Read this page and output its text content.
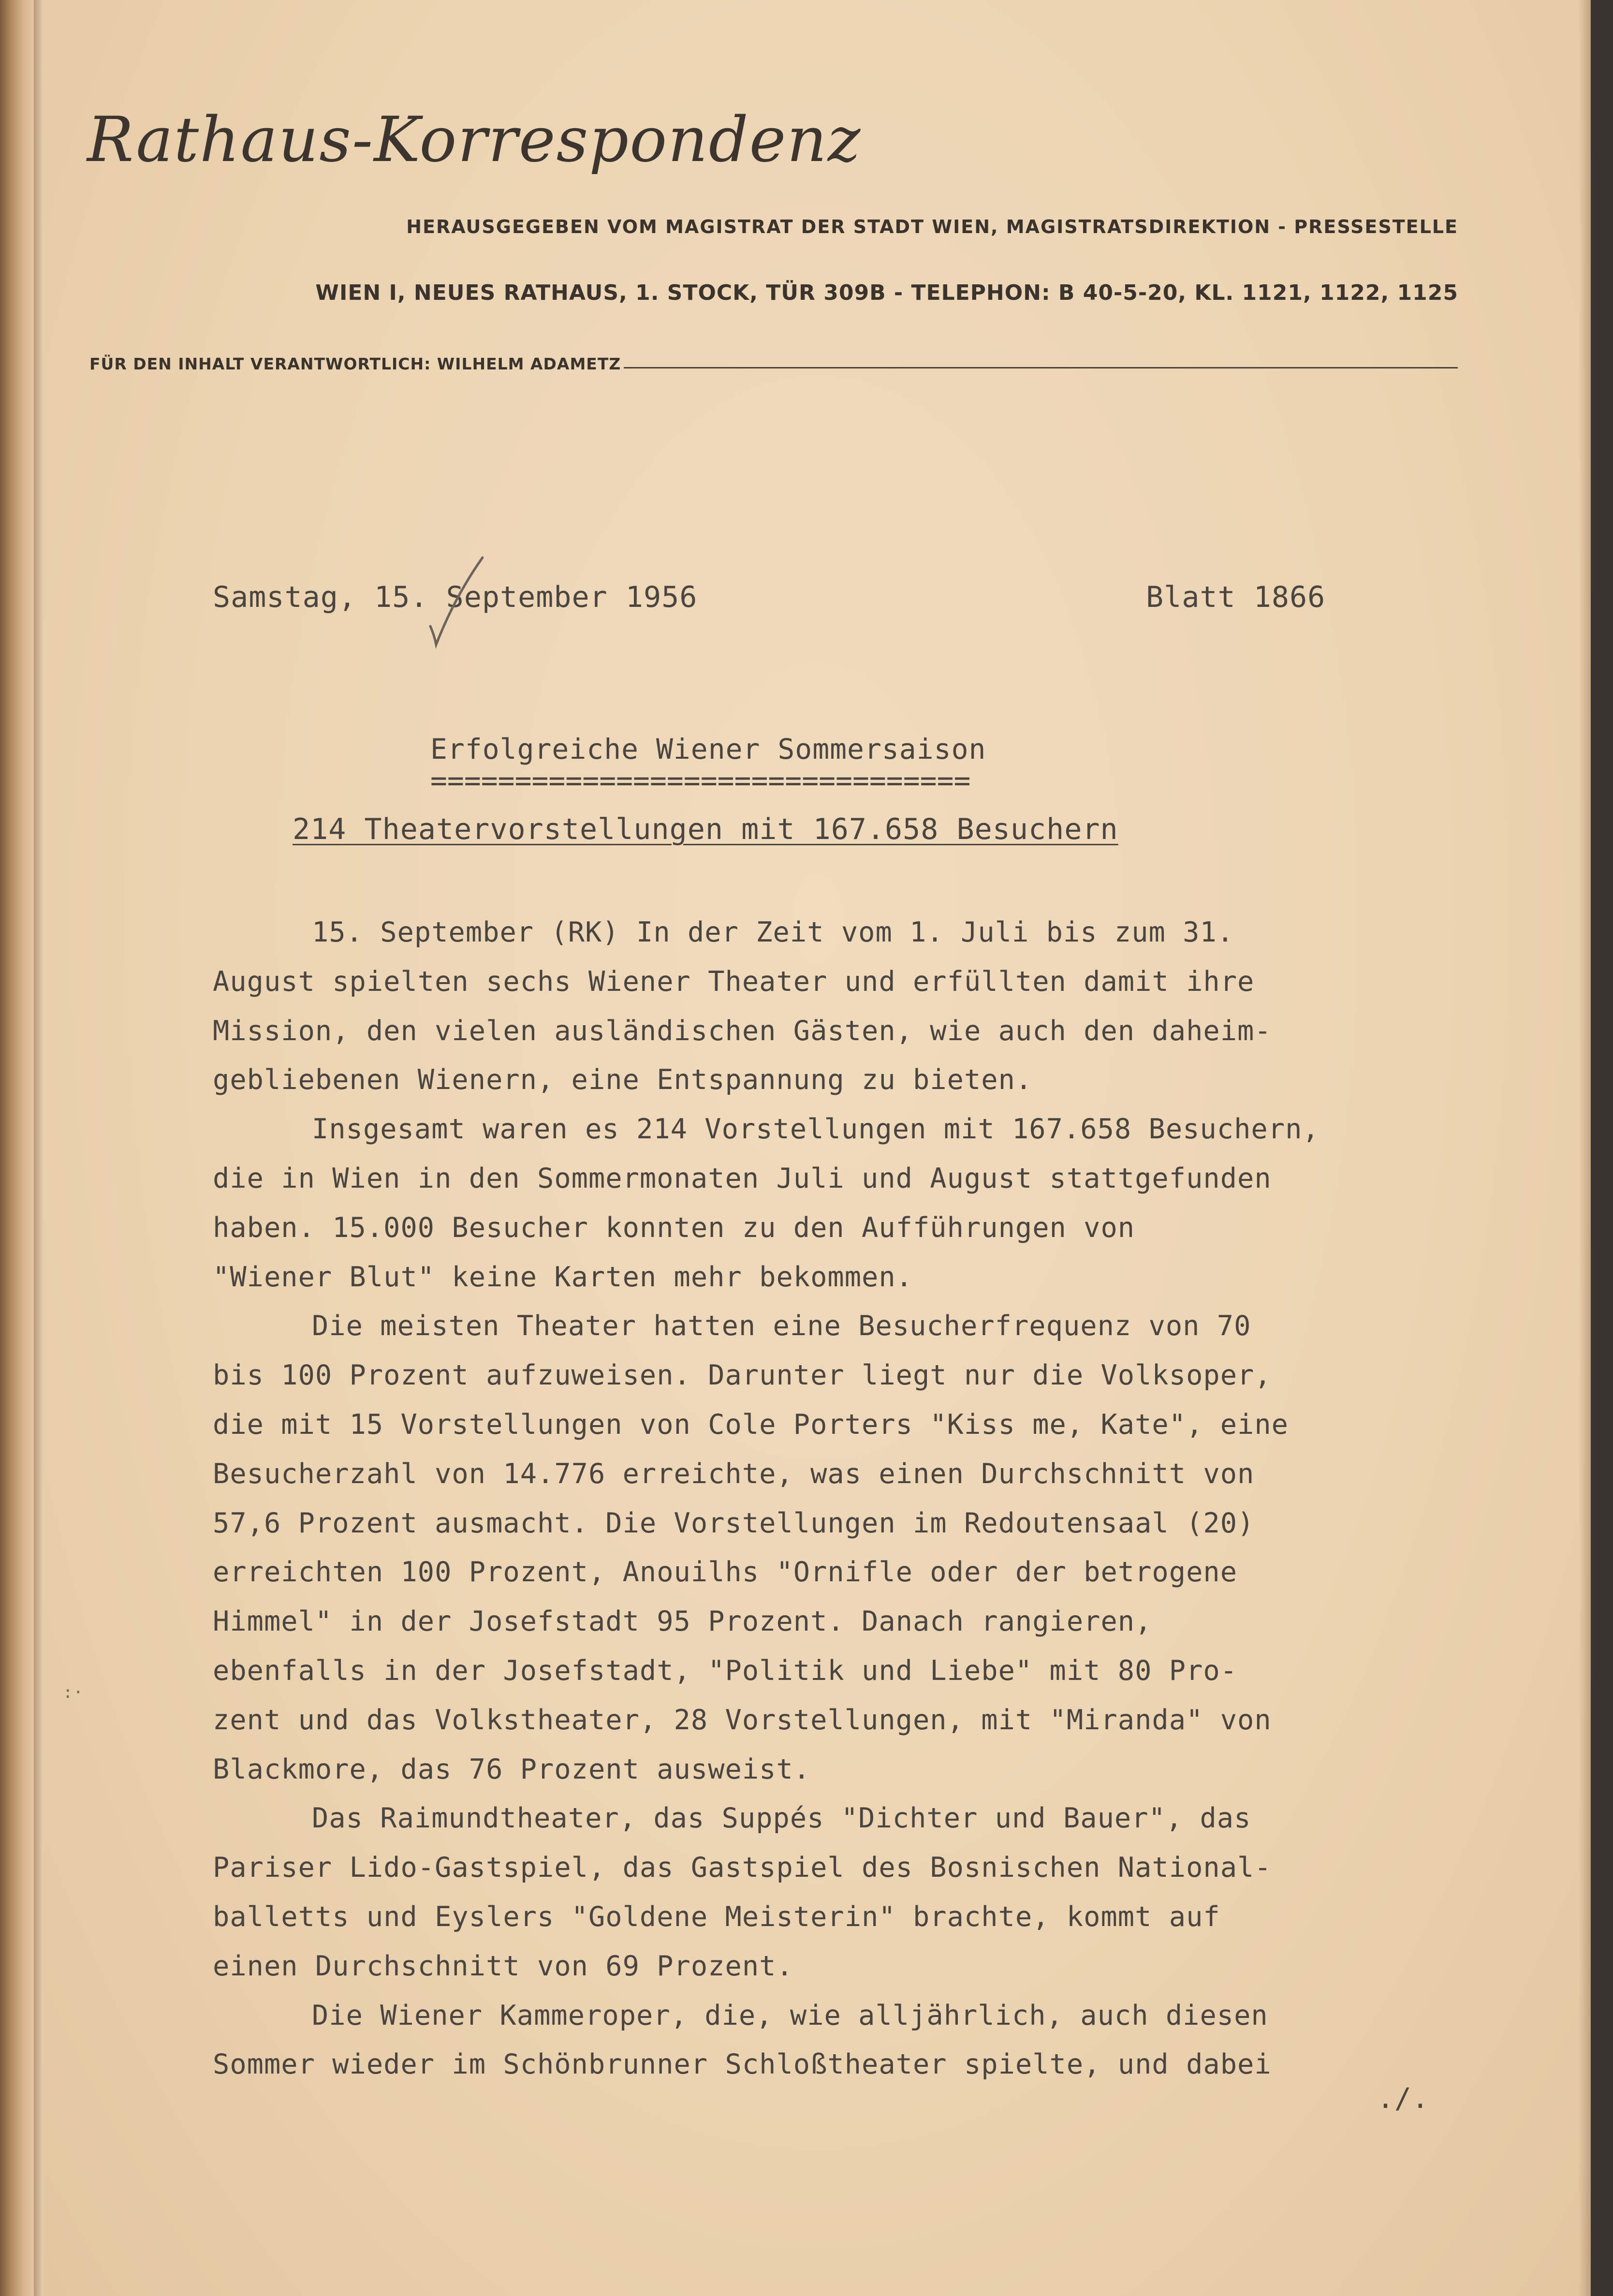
Rathaus-Korrespondenz
HERAUSGEGEBEN VOM MAGISTRAT DER STADT WIEN, MAGISTRATSDIREKTION - PRESSESTELLE
WIEN I, NEUES RATHAUS, 1. STOCK, TÜR 309B - TELEPHON: B 40-5-20, KL. 1121, 1122, 1125
FÜR DEN INHALT VERANTWORTLICH: WILHELM ADAMETZ
Samstag, 15. September 1956	Blatt 1866
Erfolgreiche Wiener Sommersaison
================================
214 Theatervorstellungen mit 167.658 Besuchern
15. September (RK) In der Zeit vom 1. Juli bis zum 31.
August spielten sechs Wiener Theater und erfüllten damit ihre
Mission, den vielen ausländischen Gästen, wie auch den daheim-
gebliebenen Wienern, eine Entspannung zu bieten.
Insgesamt waren es 214 Vorstellungen mit 167.658 Besuchern,
die in Wien in den Sommermonaten Juli und August stattgefunden
haben. 15.000 Besucher konnten zu den Aufführungen von
"Wiener Blut" keine Karten mehr bekommen.
Die meisten Theater hatten eine Besucherfrequenz von 70
bis 100 Prozent aufzuweisen. Darunter liegt nur die Volksoper,
die mit 15 Vorstellungen von Cole Porters "Kiss me, Kate", eine
Besucherzahl von 14.776 erreichte, was einen Durchschnitt von
57,6 Prozent ausmacht. Die Vorstellungen im Redoutensaal (20)
erreichten 100 Prozent, Anouilhs "Ornifle oder der betrogene
Himmel" in der Josefstadt 95 Prozent. Danach rangieren,
ebenfalls in der Josefstadt, "Politik und Liebe" mit 80 Pro-
zent und das Volkstheater, 28 Vorstellungen, mit "Miranda" von
Blackmore, das 76 Prozent ausweist.
Das Raimundtheater, das Suppés "Dichter und Bauer", das
Pariser Lido-Gastspiel, das Gastspiel des Bosnischen National-
balletts und Eyslers "Goldene Meisterin" brachte, kommt auf
einen Durchschnitt von 69 Prozent.
Die Wiener Kammeroper, die, wie alljährlich, auch diesen
Sommer wieder im Schönbrunner Schloßtheater spielte, und dabei
./.
:·
